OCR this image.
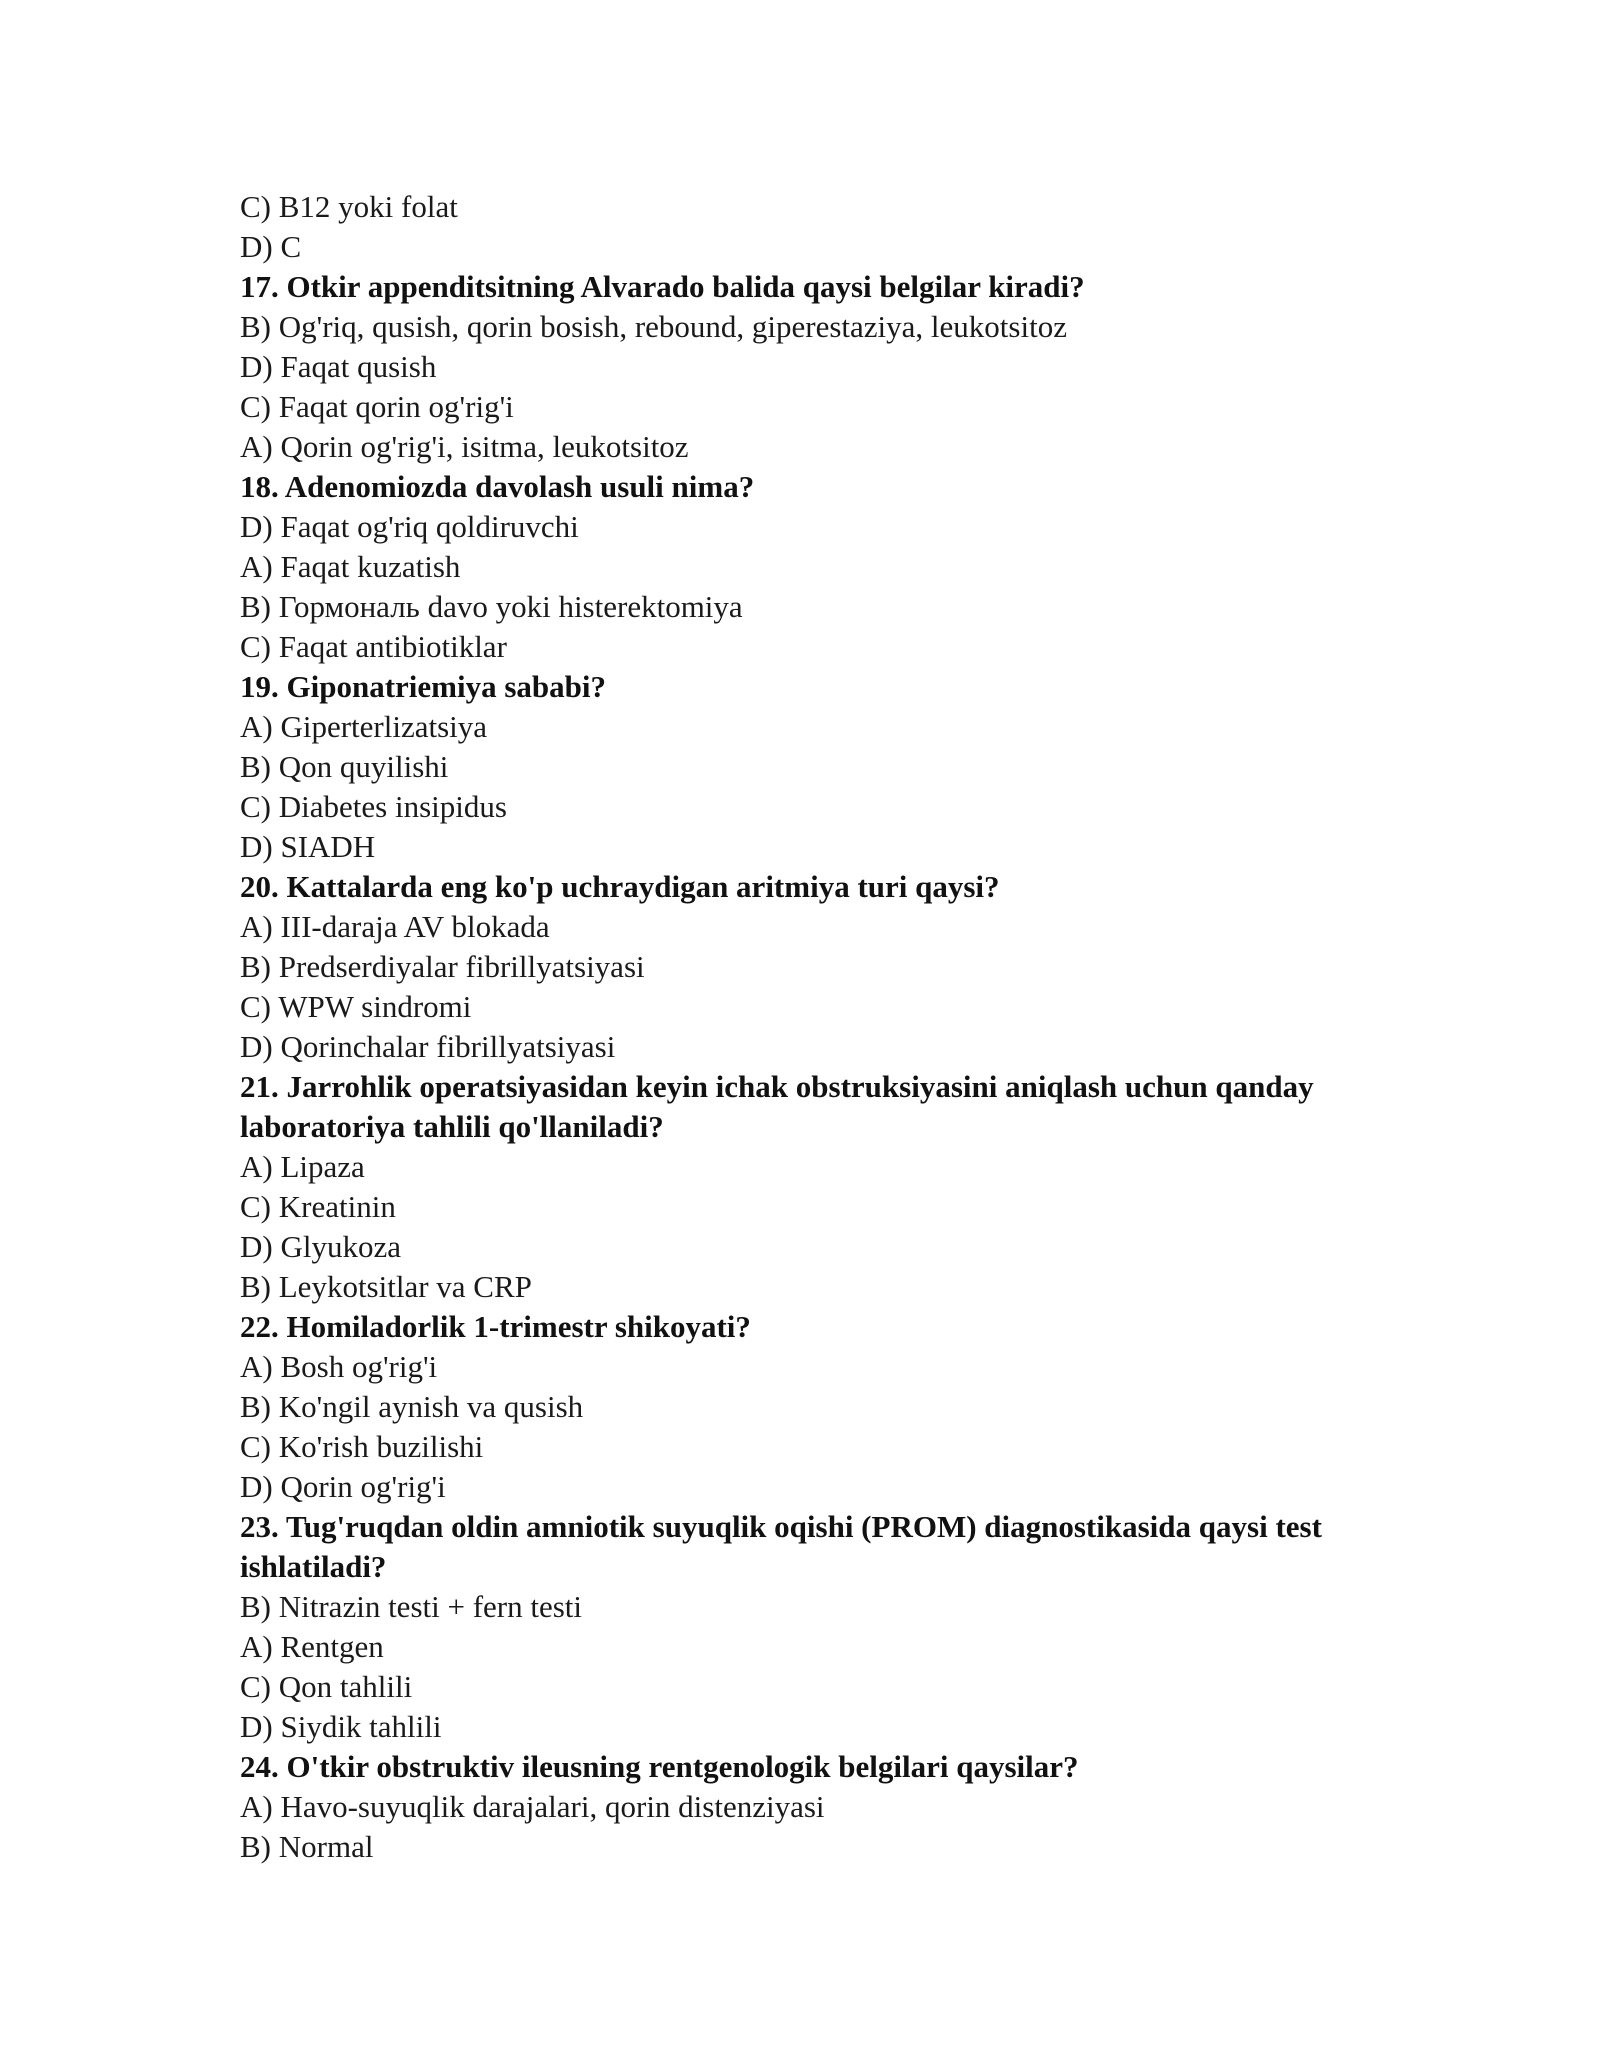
C) B12 yoki folat

D) C

17. Otkir appenditsitning Alvarado balida qaysi belgilar kiradi?

B) Og'riq, qusish, qorin bosish, rebound, giperestaziya, leukotsitoz

D) Faqat qusish

C) Faqat qorin og'rig'i

A) Qorin og'rig'i, isitma, leukotsitoz

18. Adenomiozda davolash usuli nima?

D) Faqat og'riq qoldiruvchi

A) Faqat kuzatish

B) Гормональ davo yoki histerektomiya

C) Faqat antibiotiklar

19. Giponatriemiya sababi?

A) Giperterlizatsiya

B) Qon quyilishi

C) Diabetes insipidus

D) SIADH

20. Kattalarda eng ko'p uchraydigan aritmiya turi qaysi?

A) III-daraja AV blokada

B) Predserdiyalar fibrillyatsiyasi

C) WPW sindromi

D) Qorinchalar fibrillyatsiyasi

21. Jarrohlik operatsiyasidan keyin ichak obstruksiyasini aniqlash uchun qanday laboratoriya tahlili qo'llaniladi?

A) Lipaza

C) Kreatinin

D) Glyukoza

B) Leykotsitlar va CRP

22. Homiladorlik 1-trimestr shikoyati?

A) Bosh og'rig'i

B) Ko'ngil aynish va qusish

C) Ko'rish buzilishi

D) Qorin og'rig'i

23. Tug'ruqdan oldin amniotik suyuqlik oqishi (PROM) diagnostikasida qaysi test ishlatiladi?

B) Nitrazin testi + fern testi

A) Rentgen

C) Qon tahlili

D) Siydik tahlili

24. O'tkir obstruktiv ileusning rentgenologik belgilari qaysilar?

A) Havo-suyuqlik darajalari, qorin distenziyasi

B) Normal
